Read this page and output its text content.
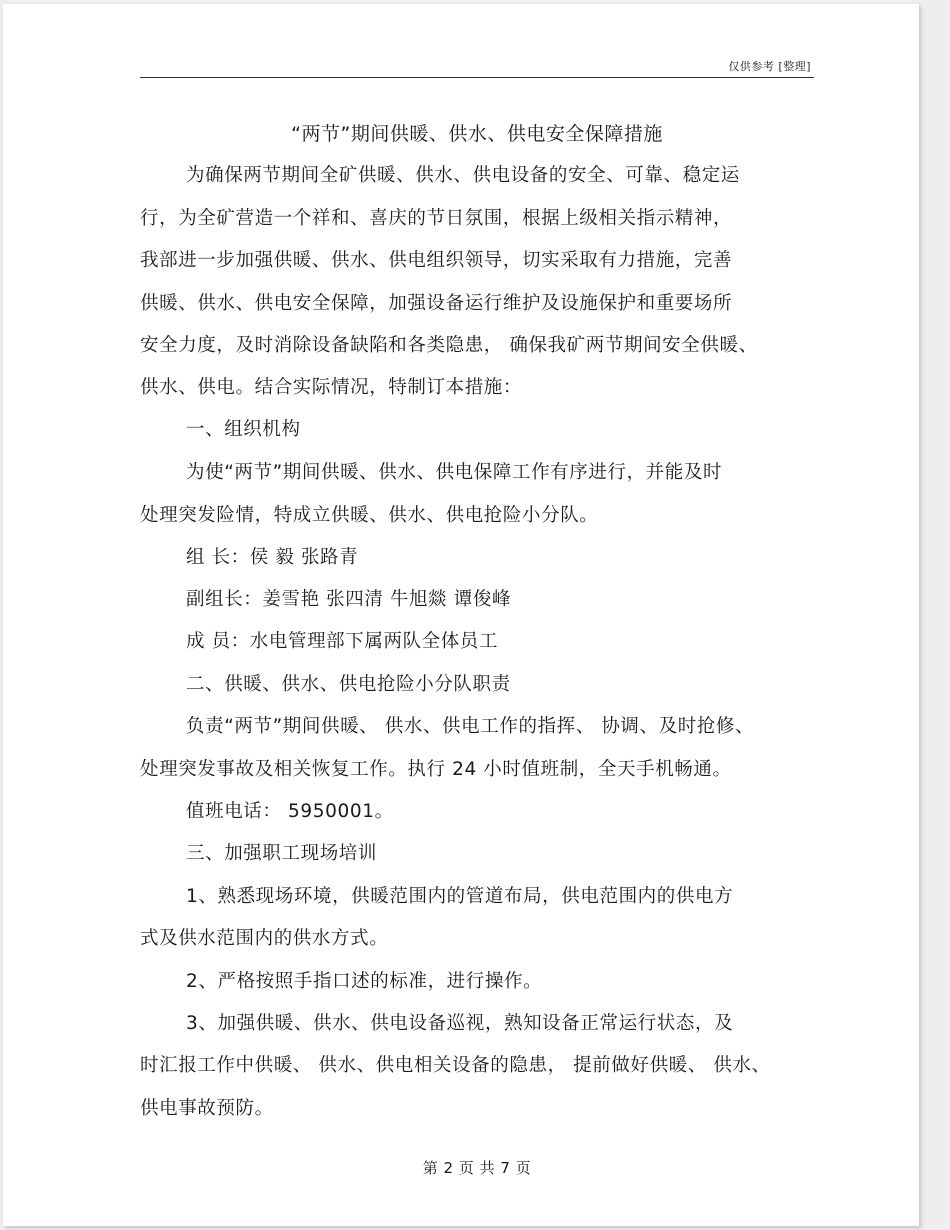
仅供参考 [整理]
“两节”期间供暖、供水、供电安全保障措施
为确保两节期间全矿供暖、供水、供电设备的安全、可靠、稳定运
行，为全矿营造一个祥和、喜庆的节日氛围，根据上级相关指示精神，
我部进一步加强供暖、供水、供电组织领导，切实采取有力措施，完善
供暖、供水、供电安全保障，加强设备运行维护及设施保护和重要场所
安全力度，及时消除设备缺陷和各类隐患， 确保我矿两节期间安全供暖、
供水、供电。结合实际情况，特制订本措施：
一、组织机构
为使“两节”期间供暖、供水、供电保障工作有序进行，并能及时
处理突发险情，特成立供暖、供水、供电抢险小分队。
组 长：侯 毅 张路青
副组长：姜雪艳 张四清 牛旭燚 谭俊峰
成 员：水电管理部下属两队全体员工
二、供暖、供水、供电抢险小分队职责
负责“两节”期间供暖、 供水、供电工作的指挥、 协调、及时抢修、
处理突发事故及相关恢复工作。执行 24 小时值班制，全天手机畅通。
值班电话： 5950001。
三、加强职工现场培训
1、熟悉现场环境，供暖范围内的管道布局，供电范围内的供电方
式及供水范围内的供水方式。
2、严格按照手指口述的标准，进行操作。
3、加强供暖、供水、供电设备巡视，熟知设备正常运行状态，及
时汇报工作中供暖、 供水、供电相关设备的隐患， 提前做好供暖、 供水、
供电事故预防。
第 2 页 共 7 页
